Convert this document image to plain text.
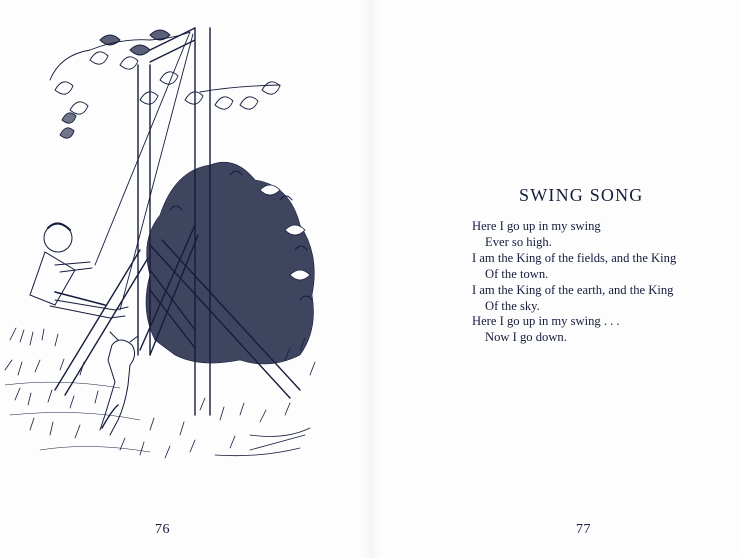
76
SWING SONG
Here I go up in my swing
Ever so high.
I am the King of the fields, and the King
Of the town.
I am the King of the earth, and the King
Of the sky.
Here I go up in my swing . . .
Now I go down.
77
